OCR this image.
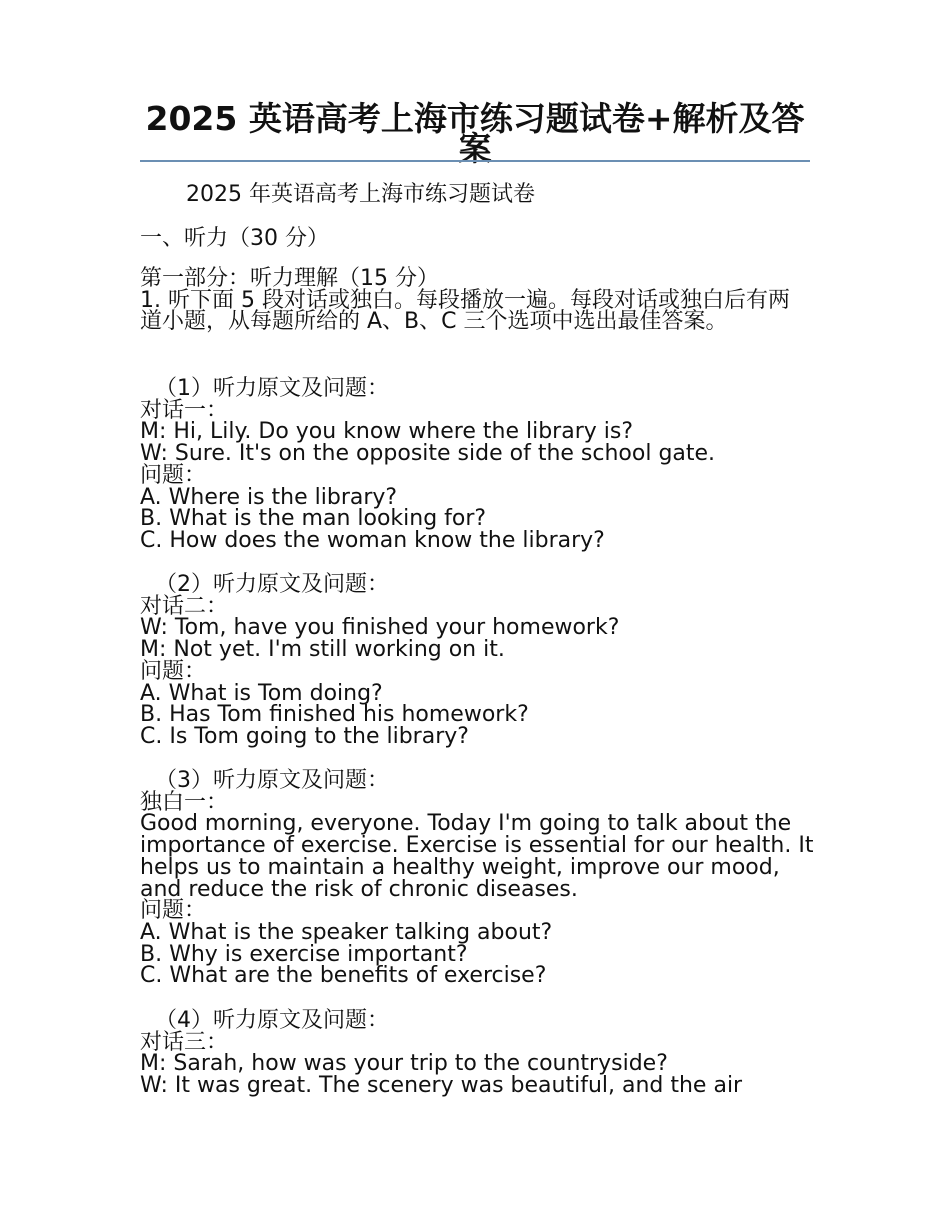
2025 英语高考上海市练习题试卷+解析及答案
2025 年英语高考上海市练习题试卷
一、听力（30 分）
第一部分：听力理解（15 分）
1. 听下面 5 段对话或独白。每段播放一遍。每段对话或独白后有两道小题，从每题所给的 A、B、C 三个选项中选出最佳答案。
（1）听力原文及问题：
对话一：
M: Hi, Lily. Do you know where the library is?
W: Sure. It's on the opposite side of the school gate.
问题：
A. Where is the library?
B. What is the man looking for?
C. How does the woman know the library?
（2）听力原文及问题：
对话二：
W: Tom, have you finished your homework?
M: Not yet. I'm still working on it.
问题：
A. What is Tom doing?
B. Has Tom finished his homework?
C. Is Tom going to the library?
（3）听力原文及问题：
独白一：
Good morning, everyone. Today I'm going to talk about the importance of exercise. Exercise is essential for our health. It helps us to maintain a healthy weight, improve our mood, and reduce the risk of chronic diseases.
问题：
A. What is the speaker talking about?
B. Why is exercise important?
C. What are the benefits of exercise?
（4）听力原文及问题：
对话三：
M: Sarah, how was your trip to the countryside?
W: It was great. The scenery was beautiful, and the air
